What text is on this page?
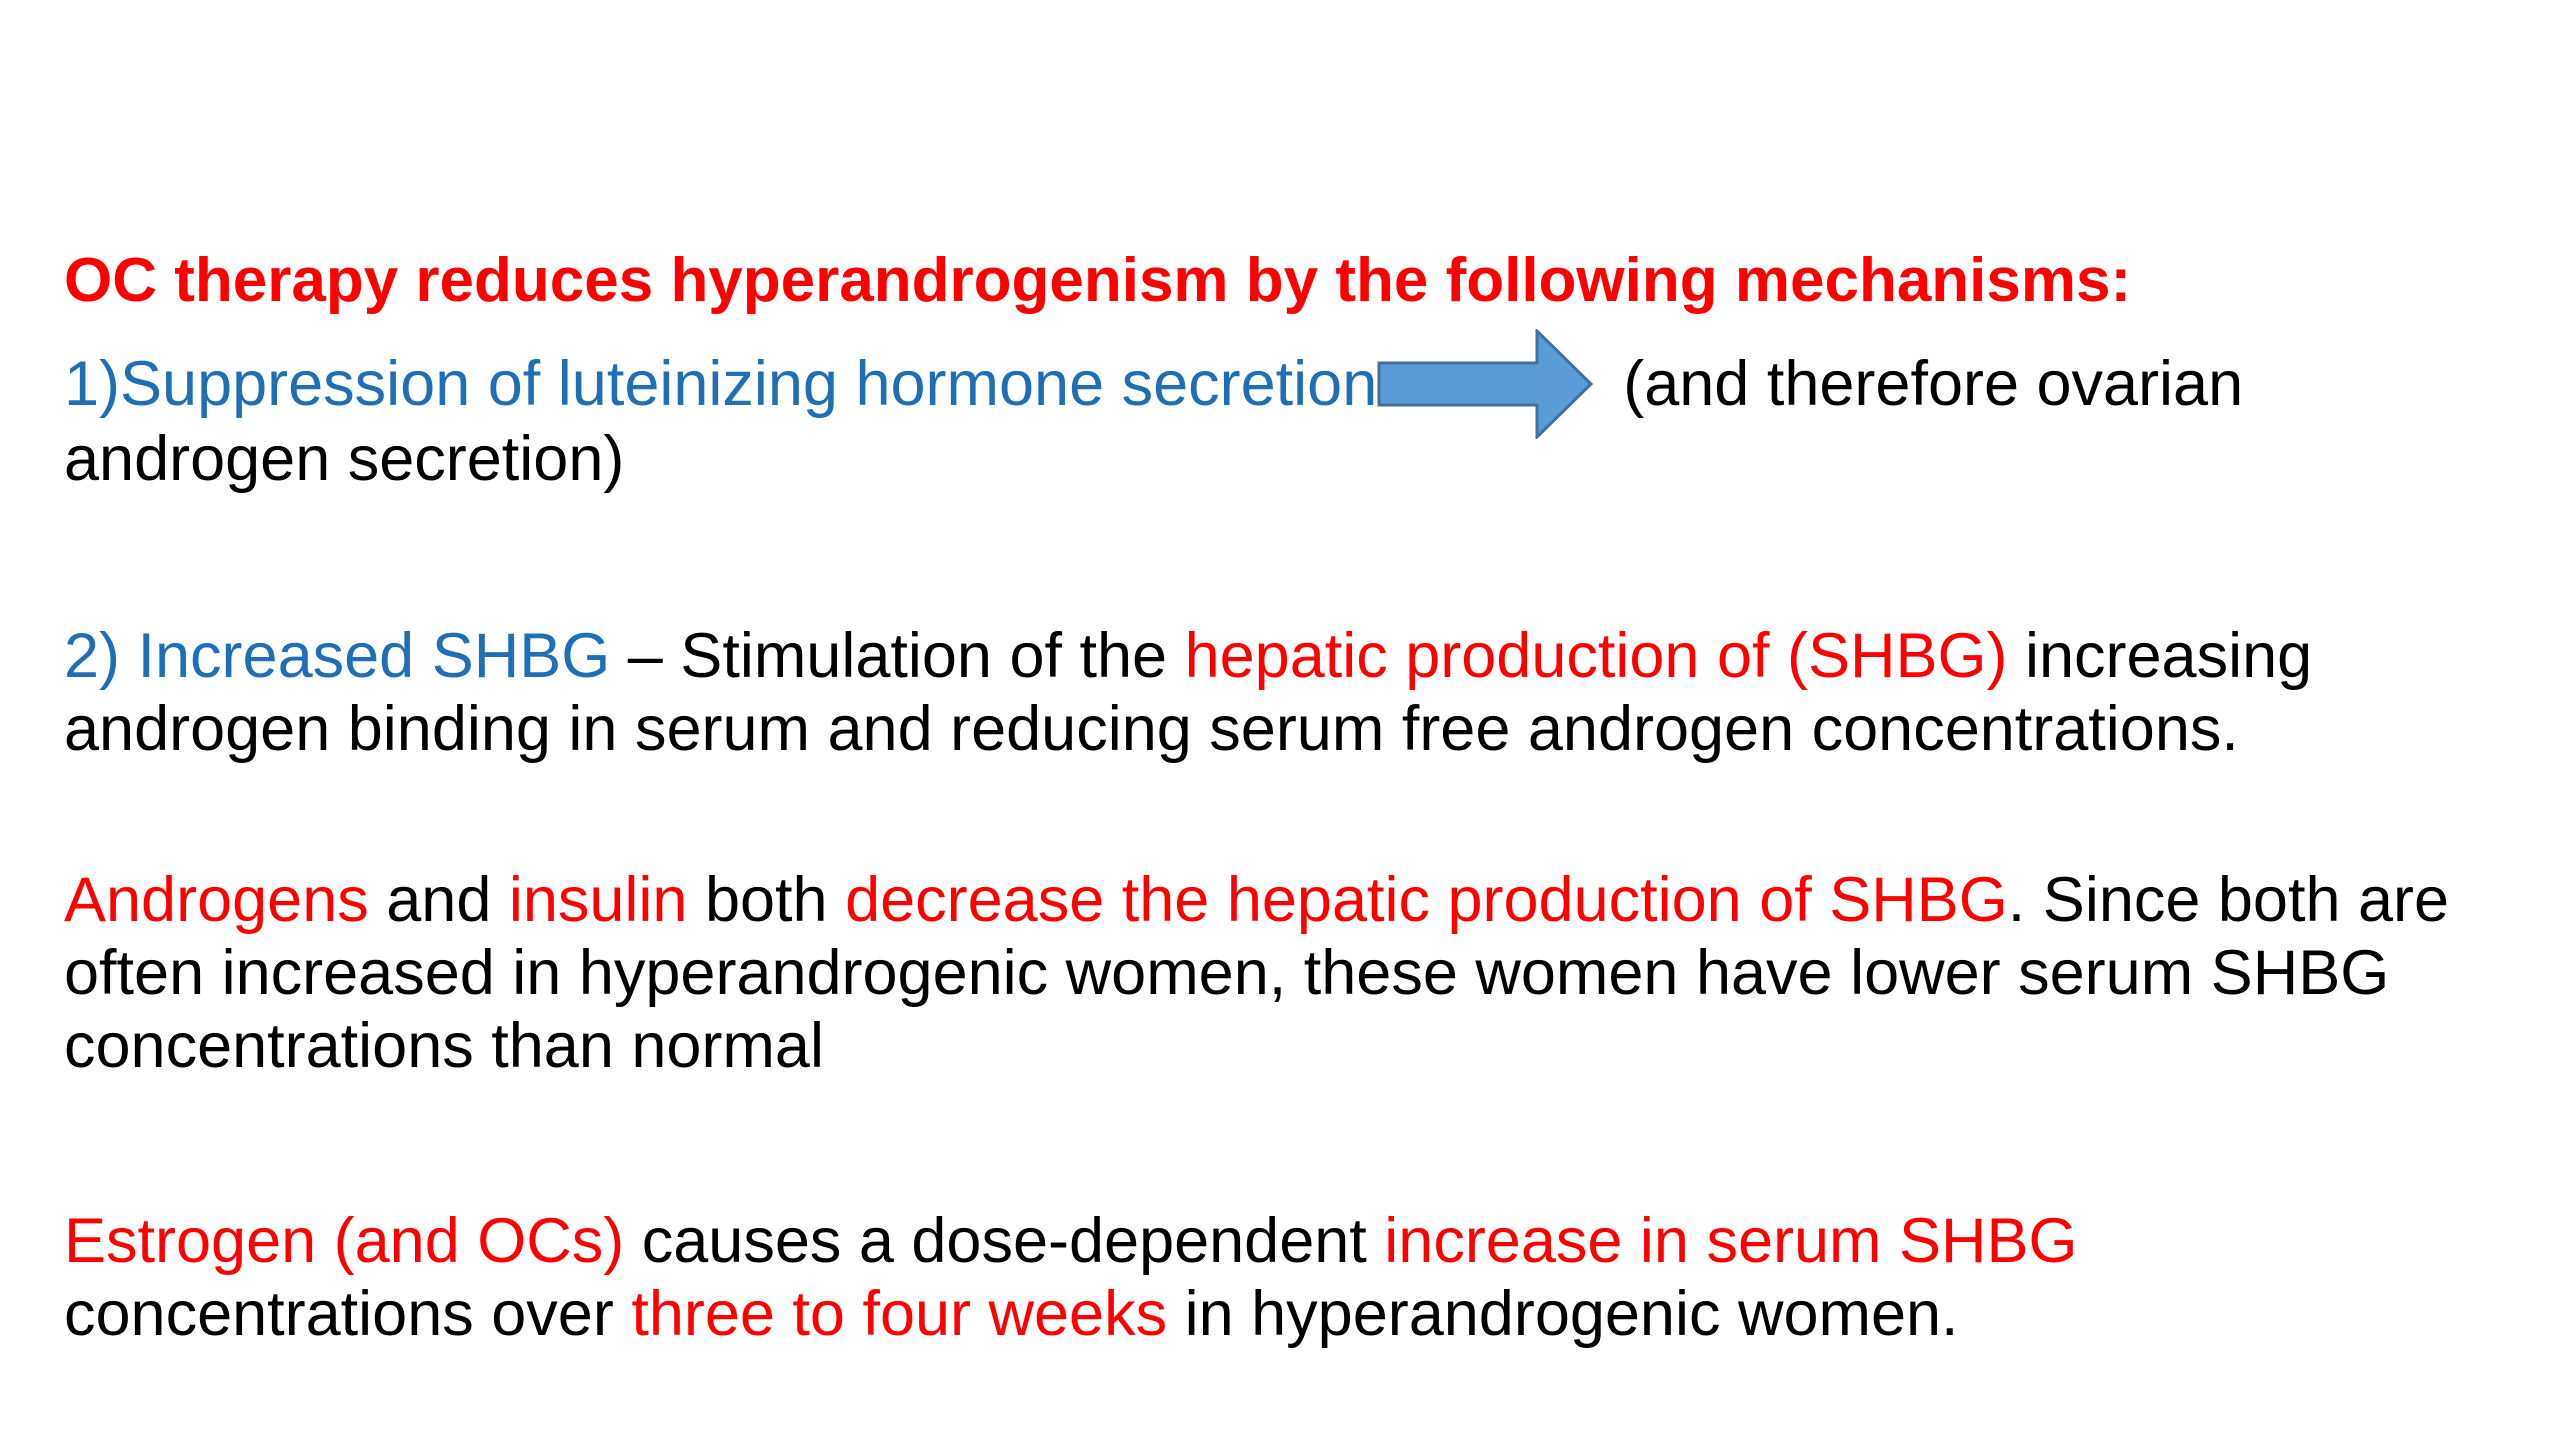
OC therapy reduces hyperandrogenism by the following mechanisms:
1)Suppression of luteinizing hormone secretion	(and therefore ovarian androgen secretion)
2) Increased SHBG – Stimulation of the hepatic production of (SHBG) increasing androgen binding in serum and reducing serum free androgen concentrations.
Androgens and insulin both decrease the hepatic production of SHBG. Since both are often increased in hyperandrogenic women, these women have lower serum SHBG concentrations than normal
Estrogen (and OCs) causes a dose-dependent increase in serum SHBG concentrations over three to four weeks in hyperandrogenic women.
